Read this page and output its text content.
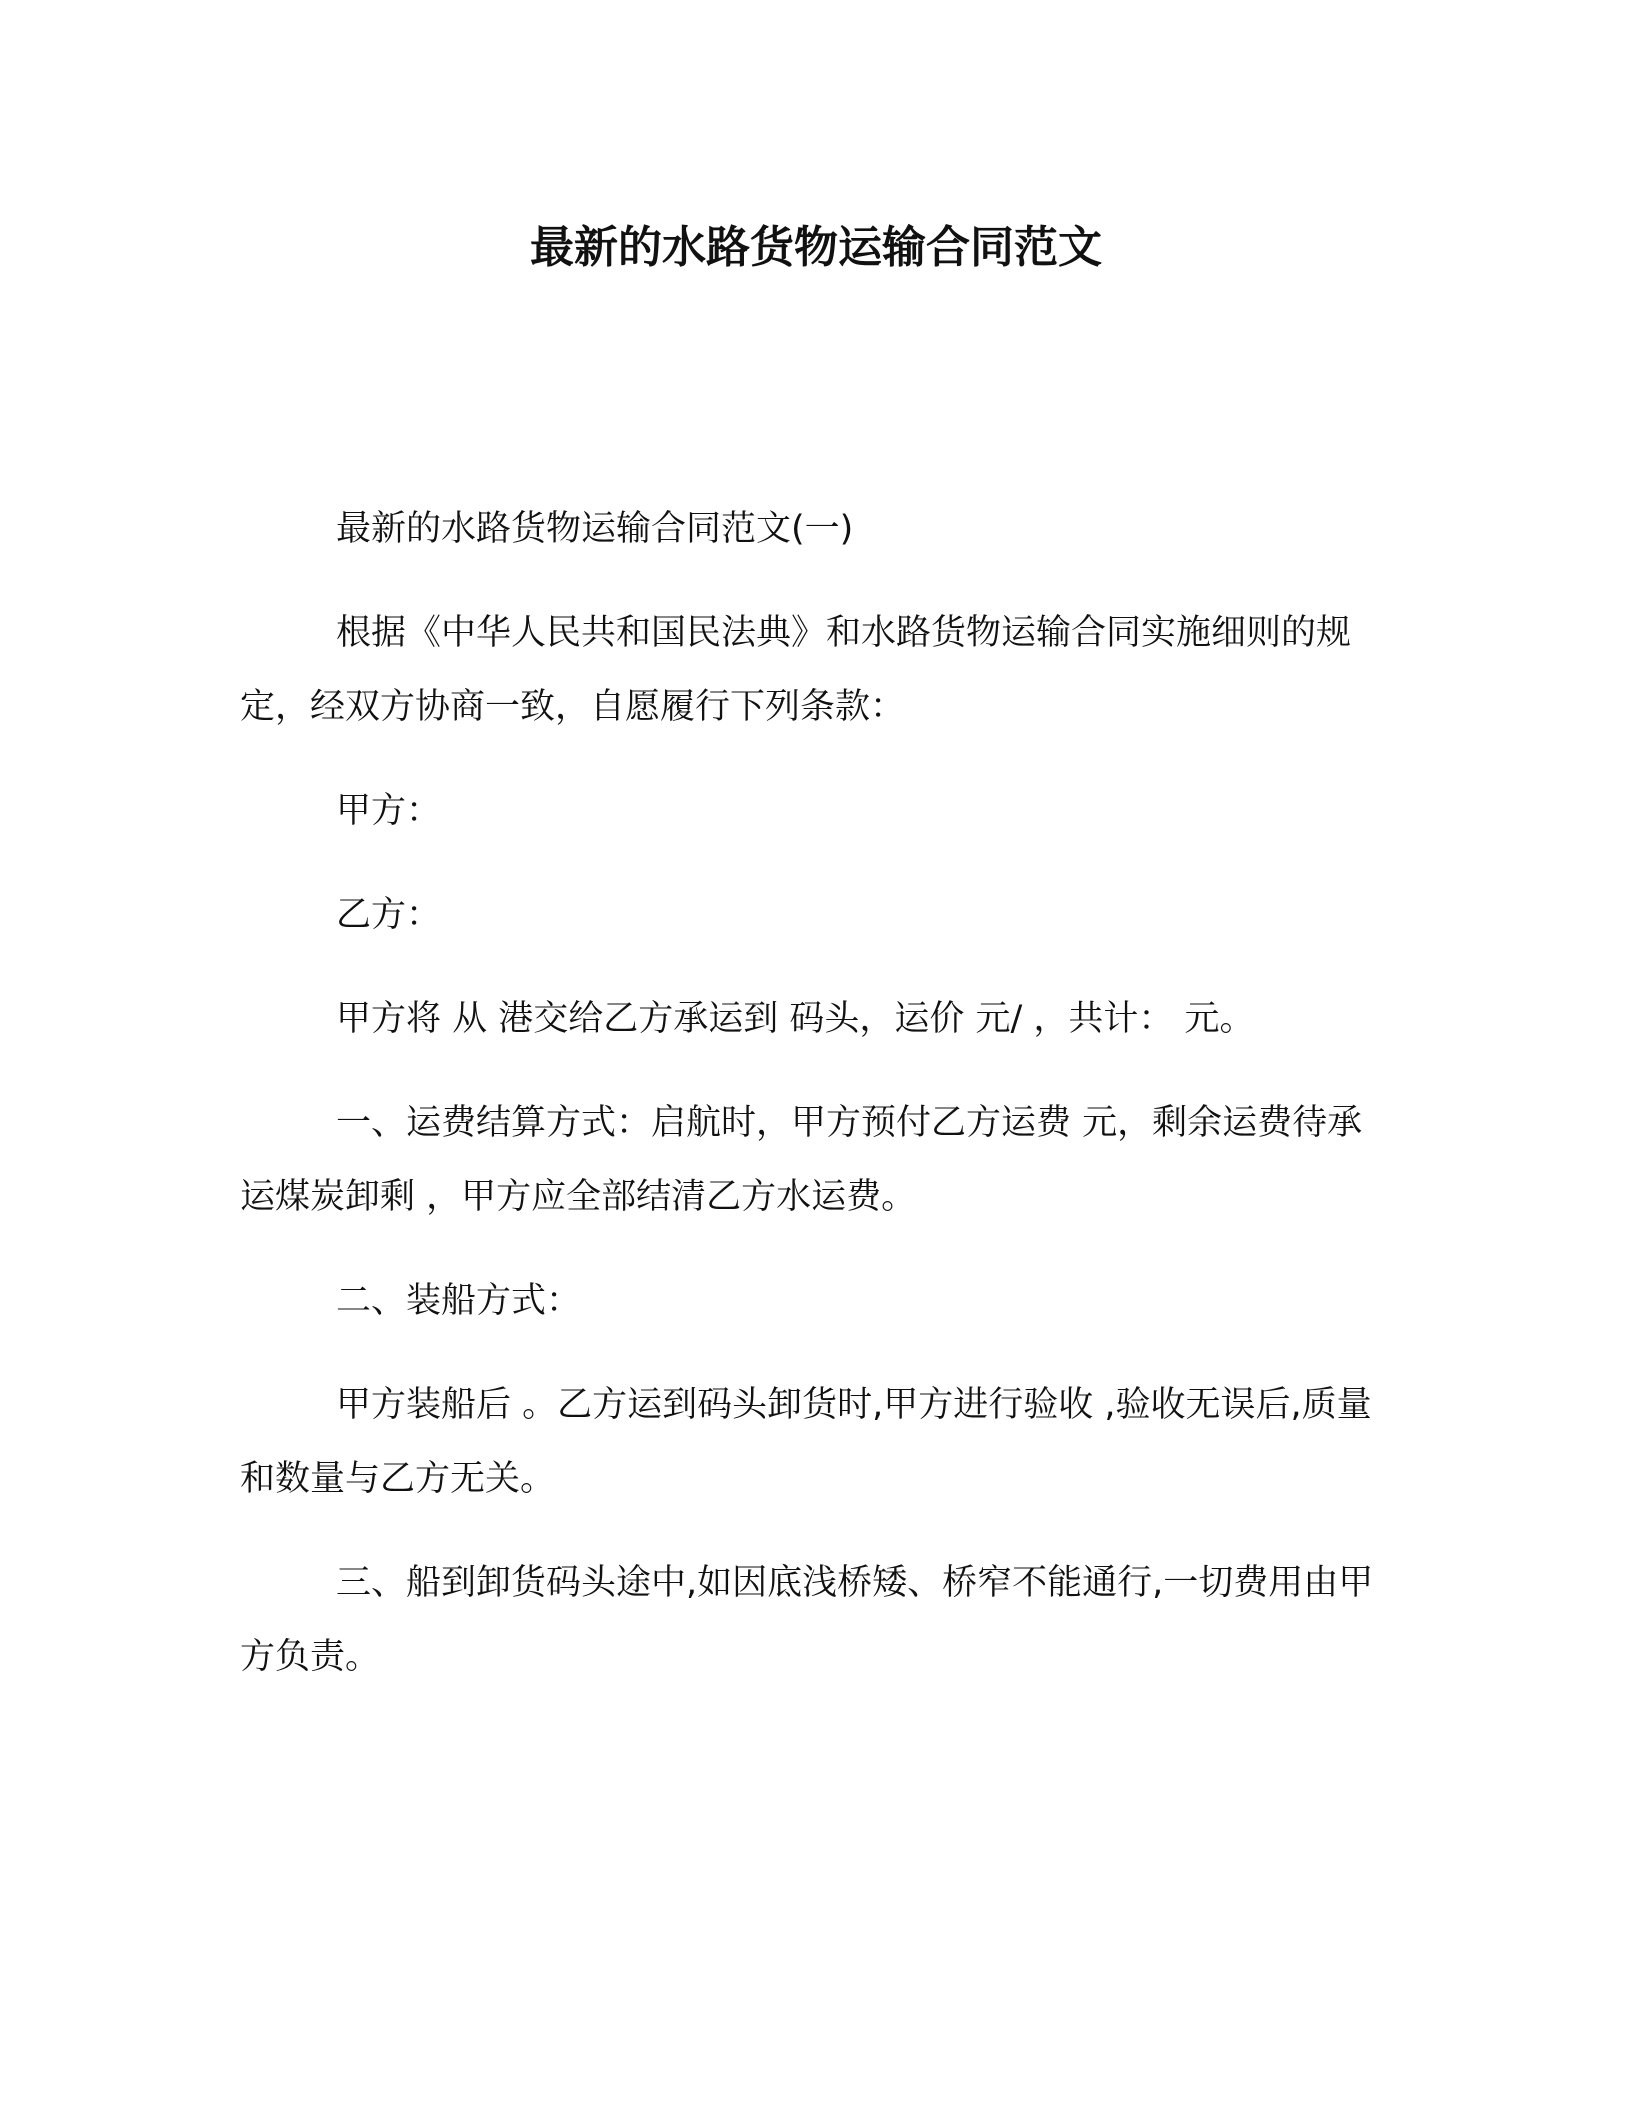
最新的水路货物运输合同范文

最新的水路货物运输合同范文(一)

根据《中华人民共和国民法典》和水路货物运输合同实施细则的规定，经双方协商一致，自愿履行下列条款：

甲方：

乙方：

甲方将 从 港交给乙方承运到 码头，运价 元/ ，共计： 元。

一、运费结算方式：启航时，甲方预付乙方运费 元，剩余运费待承运煤炭卸剩 ，甲方应全部结清乙方水运费。

二、装船方式：

甲方装船后 。乙方运到码头卸货时,甲方进行验收 ,验收无误后,质量和数量与乙方无关。

三、船到卸货码头途中,如因底浅桥矮、桥窄不能通行,一切费用由甲方负责。
